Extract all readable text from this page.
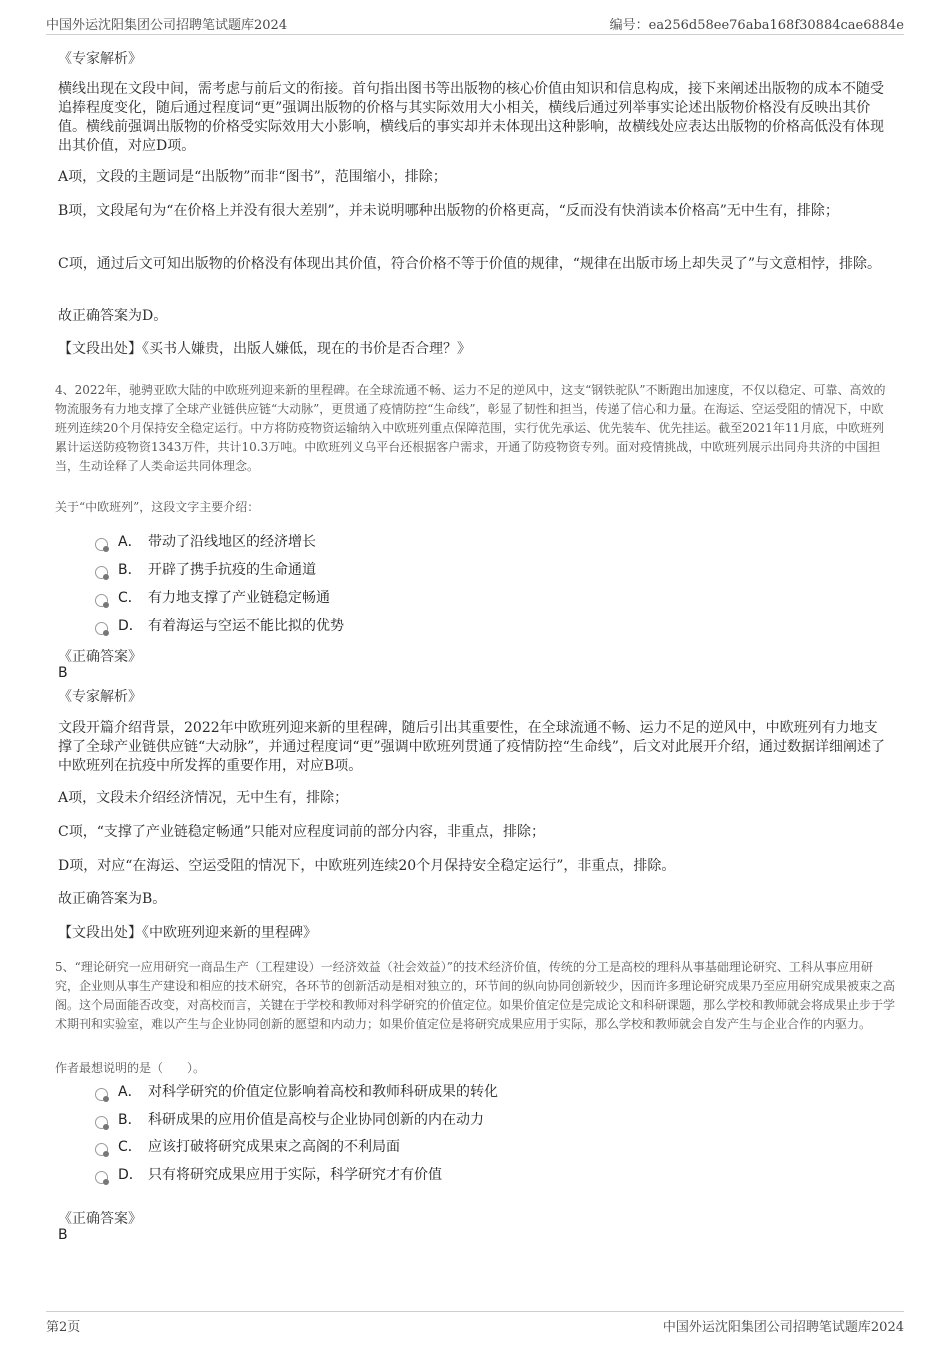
中国外运沈阳集团公司招聘笔试题库2024	编号：ea256d58ee76aba168f30884cae6884e
《专家解析》

横线出现在文段中间，需考虑与前后文的衔接。首句指出图书等出版物的核心价值由知识和信息构成，接下来阐述出版物的成本不随受追捧程度变化，随后通过程度词“更”强调出版物的价格与其实际效用大小相关，横线后通过列举事实论述出版物价格没有反映出其价值。横线前强调出版物的价格受实际效用大小影响，横线后的事实却并未体现出这种影响，故横线处应表达出版物的价格高低没有体现出其价值，对应D项。

A项，文段的主题词是“出版物”而非“图书”，范围缩小，排除；

B项，文段尾句为“在价格上并没有很大差别”，并未说明哪种出版物的价格更高，“反而没有快消读本价格高”无中生有，排除；

C项，通过后文可知出版物的价格没有体现出其价值，符合价格不等于价值的规律，“规律在出版市场上却失灵了”与文意相悖，排除。

故正确答案为D。

【文段出处】《买书人嫌贵，出版人嫌低，现在的书价是否合理？》

4、2022年，驰骋亚欧大陆的中欧班列迎来新的里程碑。在全球流通不畅、运力不足的逆风中，这支“钢铁驼队”不断跑出加速度，不仅以稳定、可靠、高效的物流服务有力地支撑了全球产业链供应链“大动脉”，更贯通了疫情防控“生命线”，彰显了韧性和担当，传递了信心和力量。在海运、空运受阻的情况下，中欧班列连续20个月保持安全稳定运行。中方将防疫物资运输纳入中欧班列重点保障范围，实行优先承运、优先装车、优先挂运。截至2021年11月底，中欧班列累计运送防疫物资1343万件，共计10.3万吨。中欧班列义乌平台还根据客户需求，开通了防疫物资专列。面对疫情挑战，中欧班列展示出同舟共济的中国担当，生动诠释了人类命运共同体理念。

关于“中欧班列”，这段文字主要介绍：

A． 带动了沿线地区的经济增长
B． 开辟了携手抗疫的生命通道
C． 有力地支撑了产业链稳定畅通
D． 有着海运与空运不能比拟的优势
《正确答案》
B
《专家解析》

文段开篇介绍背景，2022年中欧班列迎来新的里程碑，随后引出其重要性，在全球流通不畅、运力不足的逆风中，中欧班列有力地支撑了全球产业链供应链“大动脉”，并通过程度词“更”强调中欧班列贯通了疫情防控“生命线”，后文对此展开介绍，通过数据详细阐述了中欧班列在抗疫中所发挥的重要作用，对应B项。

A项，文段未介绍经济情况，无中生有，排除；

C项，“支撑了产业链稳定畅通”只能对应程度词前的部分内容，非重点，排除；

D项，对应“在海运、空运受阻的情况下，中欧班列连续20个月保持安全稳定运行”，非重点，排除。

故正确答案为B。

【文段出处】《中欧班列迎来新的里程碑》

5、“理论研究一应用研究一商品生产（工程建设）一经济效益（社会效益）”的技术经济价值，传统的分工是高校的理科从事基础理论研究、工科从事应用研究，企业则从事生产建设和相应的技术研究，各环节的创新活动是相对独立的，环节间的纵向协同创新较少，因而许多理论研究成果乃至应用研究成果被束之高阁。这个局面能否改变，对高校而言，关键在于学校和教师对科学研究的价值定位。如果价值定位是完成论文和科研课题，那么学校和教师就会将成果止步于学术期刊和实验室，难以产生与企业协同创新的愿望和内动力；如果价值定位是将研究成果应用于实际，那么学校和教师就会自发产生与企业合作的内驱力。

作者最想说明的是（　　）。

A． 对科学研究的价值定位影响着高校和教师科研成果的转化
B． 科研成果的应用价值是高校与企业协同创新的内在动力
C． 应该打破将研究成果束之高阁的不利局面
D． 只有将研究成果应用于实际，科学研究才有价值
《正确答案》
B
第2页	中国外运沈阳集团公司招聘笔试题库2024
